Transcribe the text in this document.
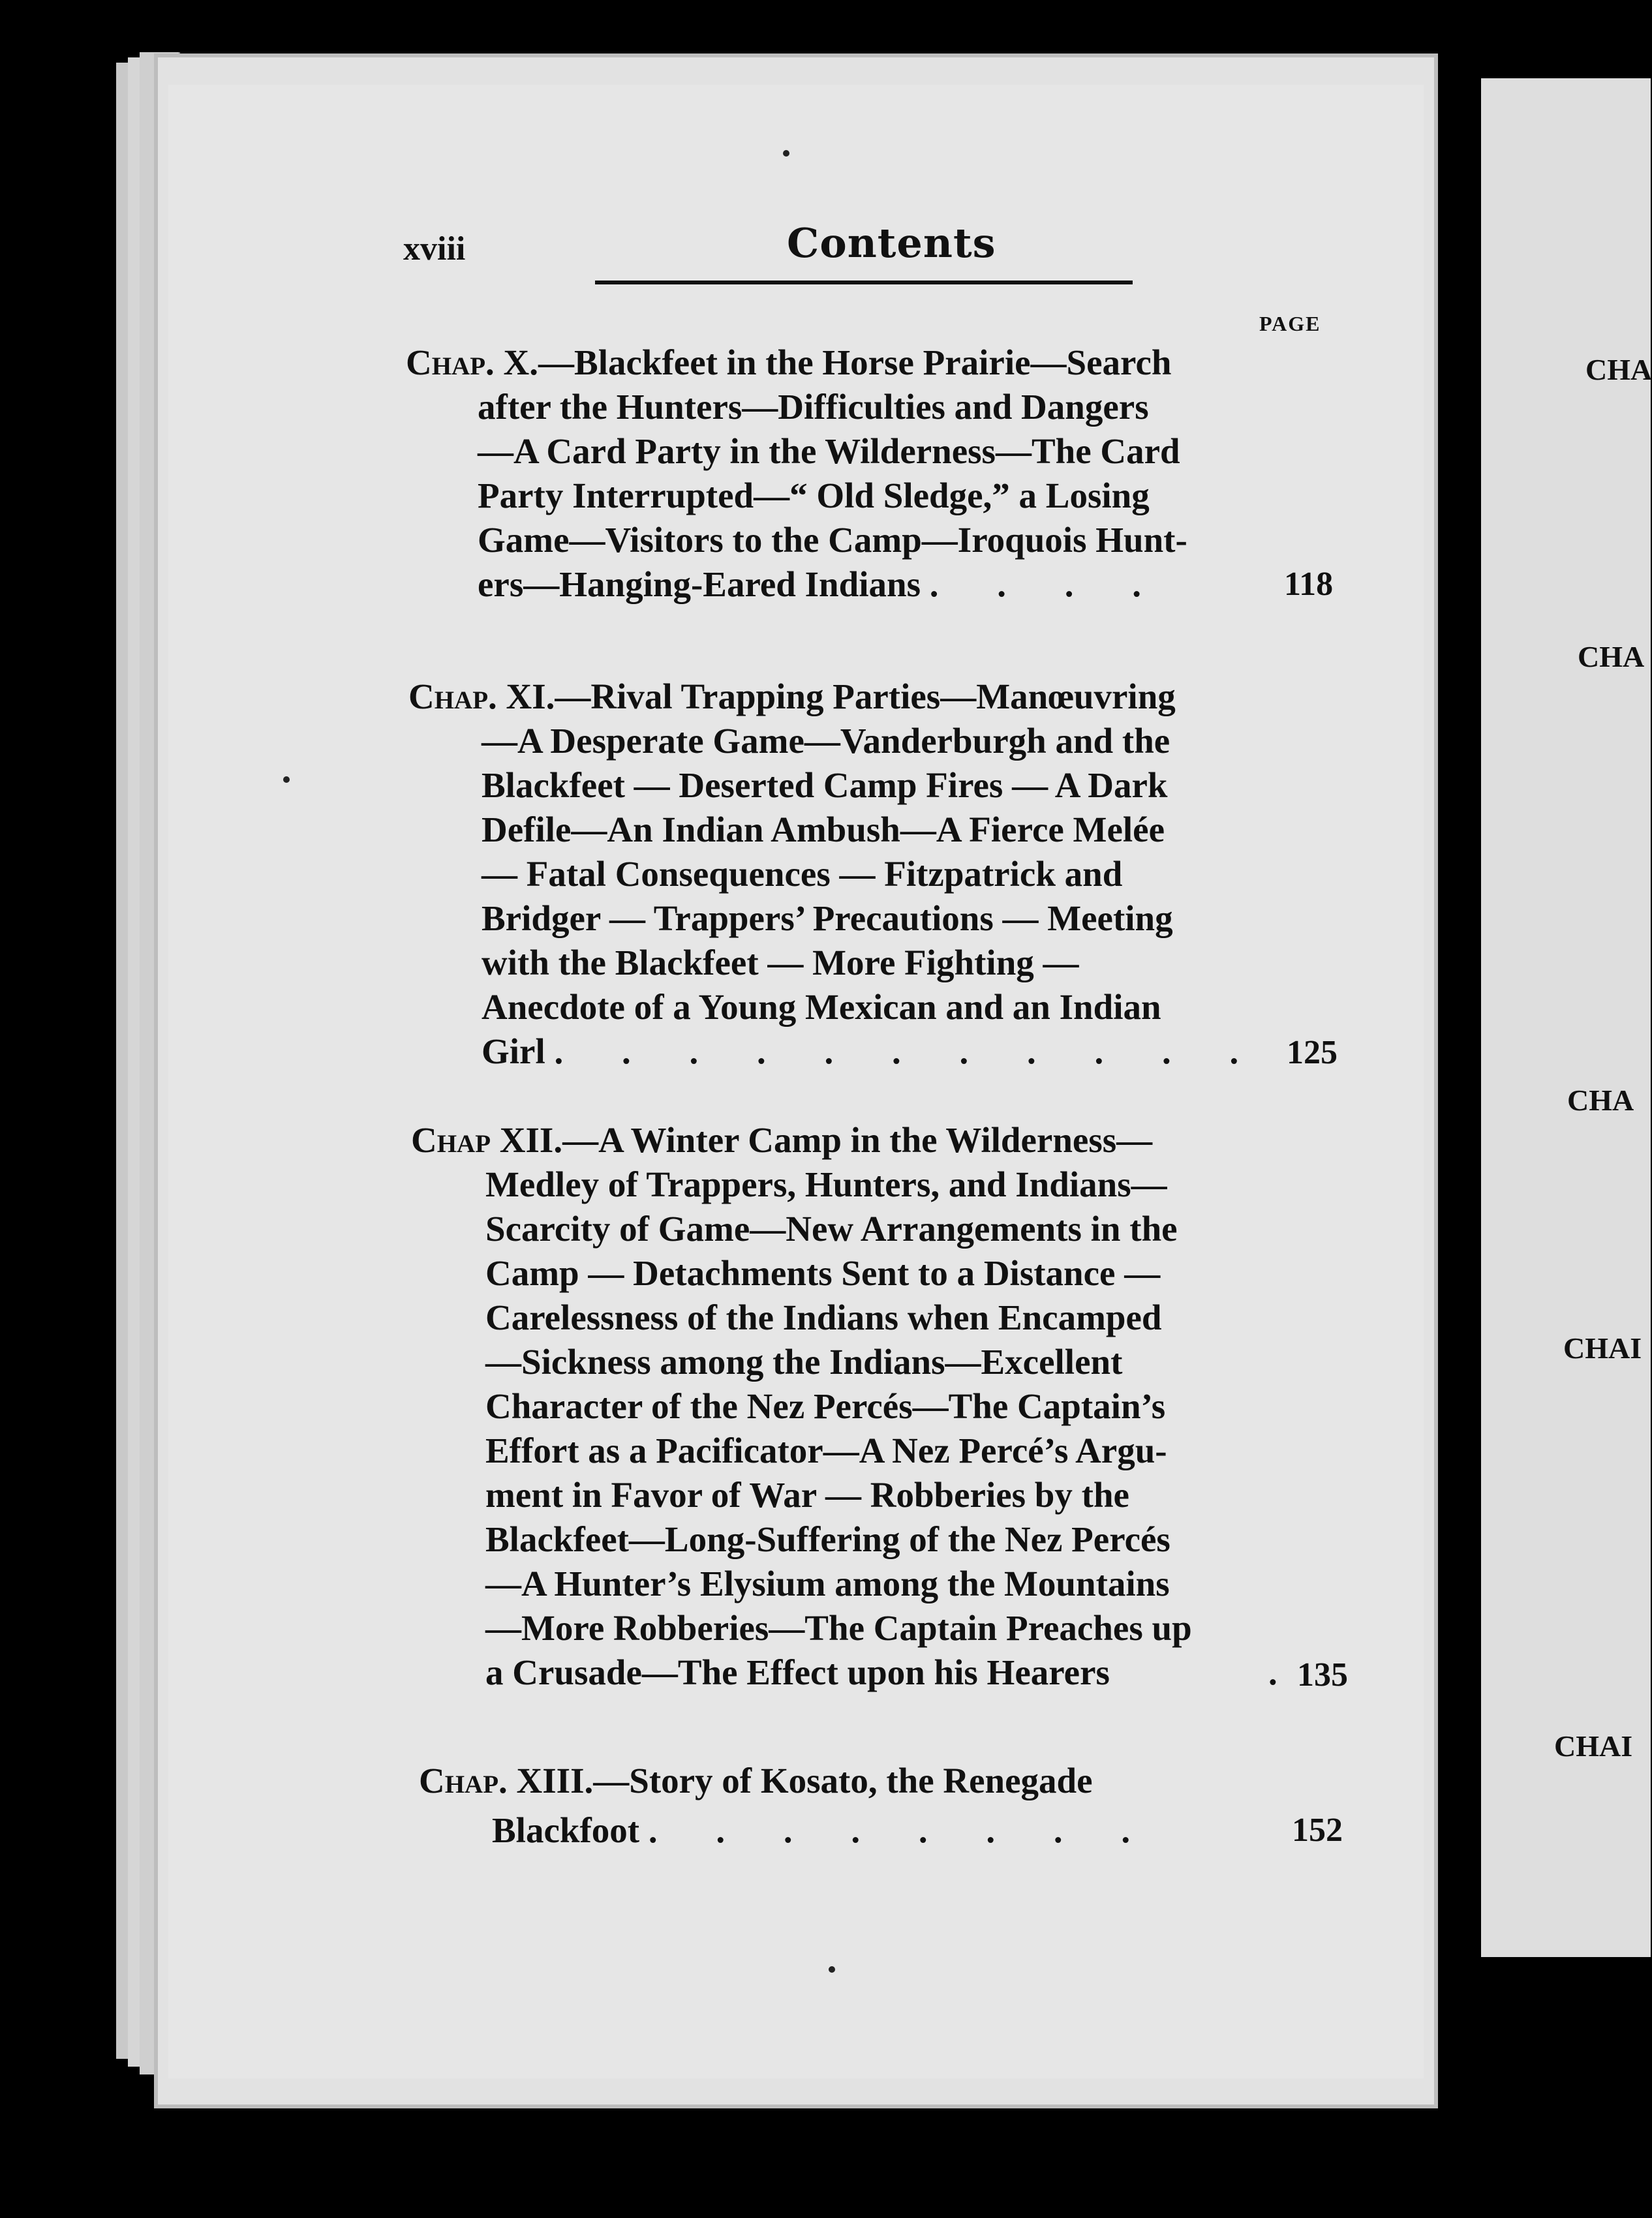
CHA
CHA
CHA
CHAI
CHAI
xviii	Contents
PAGE
Chap. X.—Blackfeet in the Horse Prairie—Search
after the Hunters—Difficulties and Dangers
—A Card Party in the Wilderness—The Card
Party Interrupted—“ Old Sledge,” a Losing
Game—Visitors to the Camp—Iroquois Hunt-
ers—Hanging-Eared Indians . . . .	118
Chap. XI.—Rival Trapping Parties—Manœuvring
—A Desperate Game—Vanderburgh and the
Blackfeet — Deserted Camp Fires — A Dark
Defile—An Indian Ambush—A Fierce Melée
— Fatal Consequences — Fitzpatrick and
Bridger — Trappers’ Precautions — Meeting
with the Blackfeet — More Fighting —
Anecdote of a Young Mexican and an Indian
Girl . . . . . . . . . . . 125
Chap XII.—A Winter Camp in the Wilderness—
Medley of Trappers, Hunters, and Indians—
Scarcity of Game—New Arrangements in the
Camp — Detachments Sent to a Distance —
Carelessness of the Indians when Encamped
—Sickness among the Indians—Excellent
Character of the Nez Percés—The Captain’s
Effort as a Pacificator—A Nez Percé’s Argu-
ment in Favor of War — Robberies by the
Blackfeet—Long-Suffering of the Nez Percés
—A Hunter’s Elysium among the Mountains
—More Robberies—The Captain Preaches up
a Crusade—The Effect upon his Hearers	. 135
Chap. XIII.—Story of Kosato, the Renegade
Blackfoot . . . . . . . .	152
